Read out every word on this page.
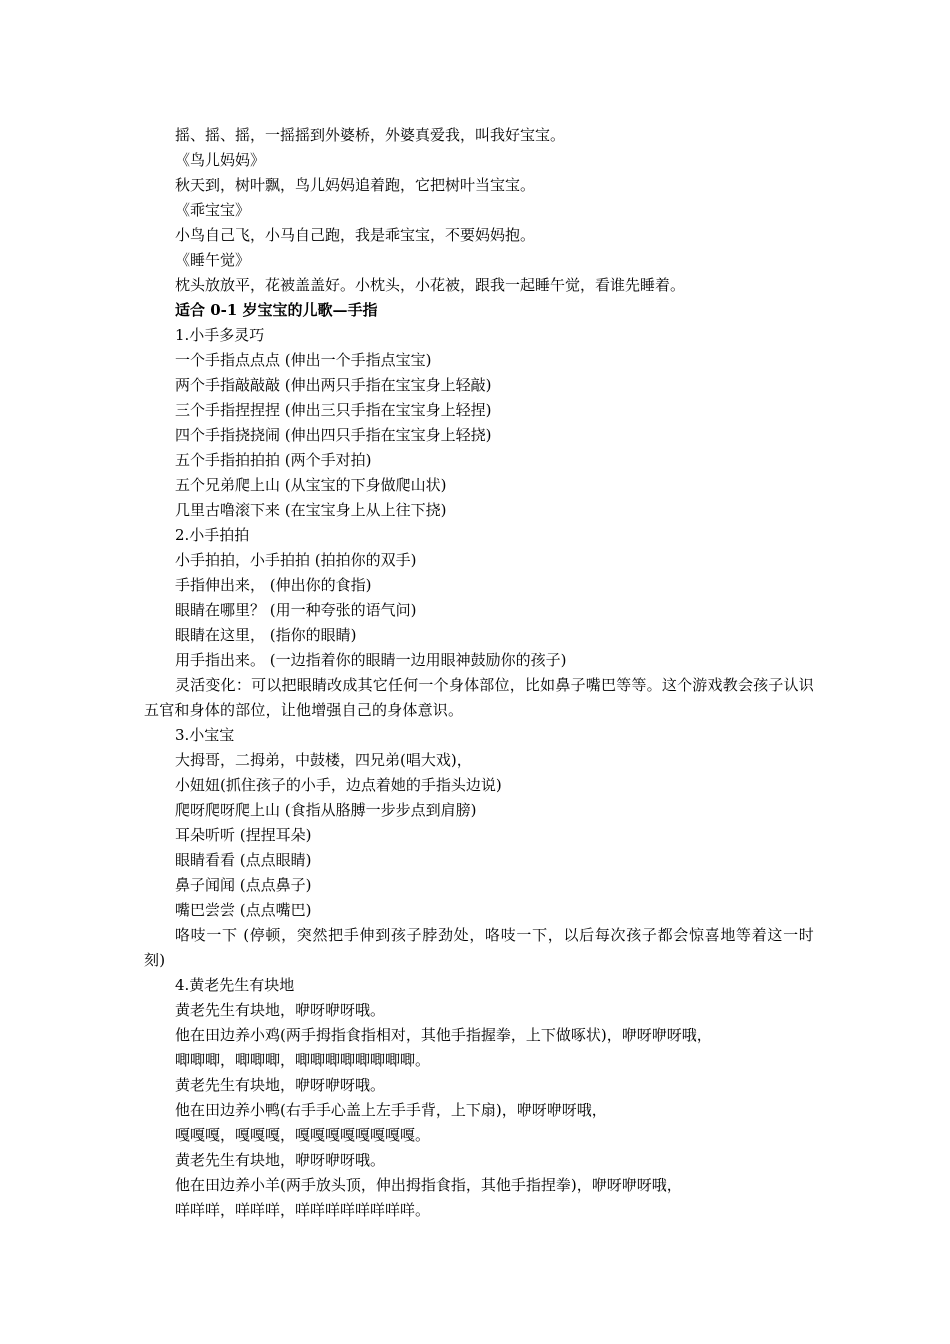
摇、摇、摇，一摇摇到外婆桥，外婆真爱我，叫我好宝宝。
《鸟儿妈妈》
秋天到，树叶飘，鸟儿妈妈追着跑，它把树叶当宝宝。
《乖宝宝》
小鸟自己飞，小马自己跑，我是乖宝宝，不要妈妈抱。
《睡午觉》
枕头放放平，花被盖盖好。小枕头，小花被，跟我一起睡午觉，看谁先睡着。
适合 0-1 岁宝宝的儿歌—手指
1.小手多灵巧
一个手指点点点 (伸出一个手指点宝宝)
两个手指敲敲敲 (伸出两只手指在宝宝身上轻敲)
三个手指捏捏捏 (伸出三只手指在宝宝身上轻捏)
四个手指挠挠闹 (伸出四只手指在宝宝身上轻挠)
五个手指拍拍拍 (两个手对拍)
五个兄弟爬上山 (从宝宝的下身做爬山状)
几里古噜滚下来 (在宝宝身上从上往下挠)
2.小手拍拍
小手拍拍，小手拍拍 (拍拍你的双手)
手指伸出来， (伸出你的食指)
眼睛在哪里？ (用一种夸张的语气问)
眼睛在这里， (指你的眼睛)
用手指出来。 (一边指着你的眼睛一边用眼神鼓励你的孩子)
灵活变化：可以把眼睛改成其它任何一个身体部位，比如鼻子嘴巴等等。这个游戏教会孩子认识五官和身体的部位，让他增强自己的身体意识。
3.小宝宝
大拇哥，二拇弟，中鼓楼，四兄弟(唱大戏)，
小妞妞(抓住孩子的小手，边点着她的手指头边说)
爬呀爬呀爬上山 (食指从胳膊一步步点到肩膀)
耳朵听听 (捏捏耳朵)
眼睛看看 (点点眼睛)
鼻子闻闻 (点点鼻子)
嘴巴尝尝 (点点嘴巴)
咯吱一下 (停顿，突然把手伸到孩子脖劲处，咯吱一下，以后每次孩子都会惊喜地等着这一时刻)
4.黄老先生有块地
黄老先生有块地，咿呀咿呀哦。
他在田边养小鸡(两手拇指食指相对，其他手指握拳，上下做啄状)，咿呀咿呀哦，
唧唧唧，唧唧唧，唧唧唧唧唧唧唧唧。
黄老先生有块地，咿呀咿呀哦。
他在田边养小鸭(右手手心盖上左手手背，上下扇)，咿呀咿呀哦，
嘎嘎嘎，嘎嘎嘎，嘎嘎嘎嘎嘎嘎嘎嘎。
黄老先生有块地，咿呀咿呀哦。
他在田边养小羊(两手放头顶，伸出拇指食指，其他手指捏拳)，咿呀咿呀哦，
咩咩咩，咩咩咩，咩咩咩咩咩咩咩咩。
